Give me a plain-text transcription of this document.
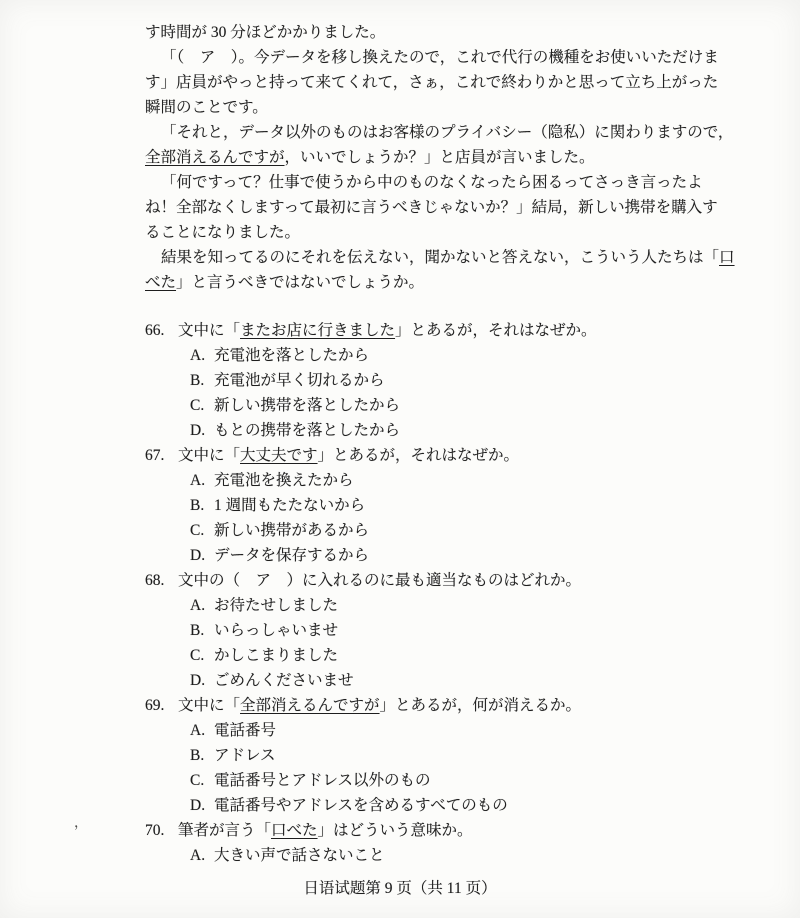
す時間が 30 分ほどかかりました。
「（　ア　）。今データを移し換えたので，これで代行の機種をお使いいただけま
す」店員がやっと持って来てくれて，さぁ，これで終わりかと思って立ち上がった
瞬間のことです。
「それと，データ以外のものはお客様のプライバシー（隐私）に関わりますので，
全部消えるんですが，いいでしょうか？」と店員が言いました。
「何ですって？仕事で使うから中のものなくなったら困るってさっき言ったよ
ね！全部なくしますって最初に言うべきじゃないか？」結局，新しい携帯を購入す
ることになりました。
結果を知ってるのにそれを伝えない，聞かないと答えない，こういう人たちは「口
べた」と言うべきではないでしょうか。
66. 文中に「またお店に行きました」とあるが，それはなぜか。
A. 充電池を落としたから
B. 充電池が早く切れるから
C. 新しい携帯を落としたから
D. もとの携帯を落としたから
67. 文中に「大丈夫です」とあるが，それはなぜか。
A. 充電池を換えたから
B. 1 週間もたたないから
C. 新しい携帯があるから
D. データを保存するから
68. 文中の（　ア　）に入れるのに最も適当なものはどれか。
A. お待たせしました
B. いらっしゃいませ
C. かしこまりました
D. ごめんくださいませ
69. 文中に「全部消えるんですが」とあるが，何が消えるか。
A. 電話番号
B. アドレス
C. 電話番号とアドレス以外のもの
D. 電話番号やアドレスを含めるすべてのもの
70. 筆者が言う「口べた」はどういう意味か。
A. 大きい声で話さないこと
，
日语试题第 9 页（共 11 页）
